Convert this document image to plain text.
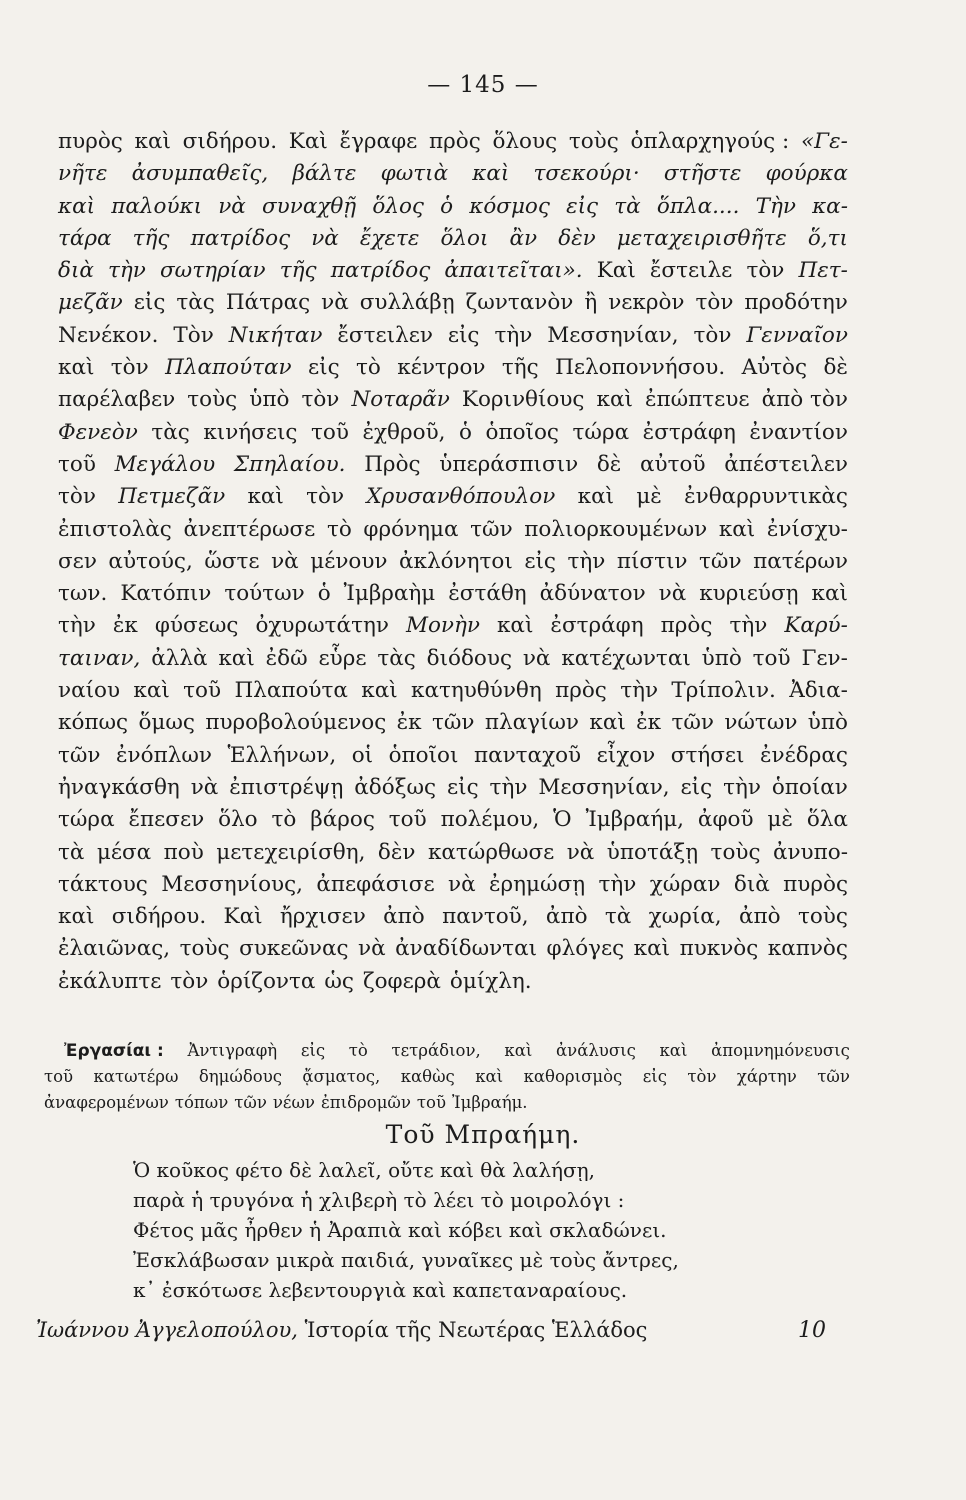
— 145 —
πυρὸς καὶ σιδήρου. Καὶ ἔγραφε πρὸς ὅλους τοὺς ὁπλαρχηγούς : «Γε-
νῆτε ἀσυμπαθεῖς, βάλτε φωτιὰ καὶ τσεκούρι· στῆστε φούρκα
καὶ παλούκι νὰ συναχθῇ ὅλος ὁ κόσμος εἰς τὰ ὅπλα.... Τὴν κα-
τάρα τῆς πατρίδος νὰ ἔχετε ὅλοι ἂν δὲν μεταχειρισθῆτε ὅ,τι
διὰ τὴν σωτηρίαν τῆς πατρίδος ἀπαιτεῖται». Καὶ ἔστειλε τὸν Πετ-
μεζᾶν εἰς τὰς Πάτρας νὰ συλλάβῃ ζωντανὸν ἢ νεκρὸν τὸν προδότην
Νενέκον. Τὸν Νικήταν ἔστειλεν εἰς τὴν Μεσσηνίαν, τὸν Γενναῖον
καὶ τὸν Πλαπούταν εἰς τὸ κέντρον τῆς Πελοποννήσου. Αὐτὸς δὲ
παρέλαβεν τοὺς ὑπὸ τὸν Νοταρᾶν Κορινθίους καὶ ἐπώπτευε ἀπὸ τὸν
Φενεὸν τὰς κινήσεις τοῦ ἐχθροῦ, ὁ ὁποῖος τώρα ἐστράφη ἐναντίον
τοῦ Μεγάλου Σπηλαίου. Πρὸς ὑπεράσπισιν δὲ αὐτοῦ ἀπέστειλεν
τὸν Πετμεζᾶν καὶ τὸν Χρυσανθόπουλον καὶ μὲ ἐνθαρρυντικὰς
ἐπιστολὰς ἀνεπτέρωσε τὸ φρόνημα τῶν πολιορκουμένων καὶ ἐνίσχυ-
σεν αὐτούς, ὥστε νὰ μένουν ἀκλόνητοι εἰς τὴν πίστιν τῶν πατέρων
των. Κατόπιν τούτων ὁ Ἰμβραὴμ ἐστάθη ἀδύνατον νὰ κυριεύσῃ καὶ
τὴν ἐκ φύσεως ὀχυρωτάτην Μονὴν καὶ ἐστράφη πρὸς τὴν Καρύ-
ταιναν, ἀλλὰ καὶ ἐδῶ εὗρε τὰς διόδους νὰ κατέχωνται ὑπὸ τοῦ Γεν-
ναίου καὶ τοῦ Πλαπούτα καὶ κατηυθύνθη πρὸς τὴν Τρίπολιν. Ἀδια-
κόπως ὅμως πυροβολούμενος ἐκ τῶν πλαγίων καὶ ἐκ τῶν νώτων ὑπὸ
τῶν ἐνόπλων Ἑλλήνων, οἱ ὁποῖοι πανταχοῦ εἶχον στήσει ἐνέδρας
ἠναγκάσθη νὰ ἐπιστρέψῃ ἀδόξως εἰς τὴν Μεσσηνίαν, εἰς τὴν ὁποίαν
τώρα ἔπεσεν ὅλο τὸ βάρος τοῦ πολέμου, Ὁ Ἰμβραήμ, ἀφοῦ μὲ ὅλα
τὰ μέσα ποὺ μετεχειρίσθη, δὲν κατώρθωσε νὰ ὑποτάξῃ τοὺς ἀνυπο-
τάκτους Μεσσηνίους, ἀπεφάσισε νὰ ἐρημώσῃ τὴν χώραν διὰ πυρὸς
καὶ σιδήρου. Καὶ ἤρχισεν ἀπὸ παντοῦ, ἀπὸ τὰ χωρία, ἀπὸ τοὺς
ἐλαιῶνας, τοὺς συκεῶνας νὰ ἀναδίδωνται φλόγες καὶ πυκνὸς καπνὸς
ἐκάλυπτε τὸν ὁρίζοντα ὡς ζοφερὰ ὁμίχλη.
Ἐργασίαι : Ἀντιγραφὴ εἰς τὸ τετράδιον, καὶ ἀνάλυσις καὶ ἀπομνημόνευσις
τοῦ κατωτέρω δημώδους ᾄσματος, καθὼς καὶ καθορισμὸς εἰς τὸν χάρτην τῶν
ἀναφερομένων τόπων τῶν νέων ἐπιδρομῶν τοῦ Ἰμβραήμ.
Τοῦ Μπραήμη.
Ὁ κοῦκος φέτο δὲ λαλεῖ, οὔτε καὶ θὰ λαλήσῃ,
παρὰ ἡ τρυγόνα ἡ χλιβερὴ τὸ λέει τὸ μοιρολόγι :
Φέτος μᾶς ἦρθεν ἡ Ἀραπιὰ καὶ κόβει καὶ σκλαδώνει.
Ἐσκλάβωσαν μικρὰ παιδιά, γυναῖκες μὲ τοὺς ἄντρες,
κ᾿ ἐσκότωσε λεβεντουργιὰ καὶ καπεταναραίους.
Ἰωάννου Ἀγγελοπούλου, Ἱστορία τῆς Νεωτέρας Ἑλλάδος	10
